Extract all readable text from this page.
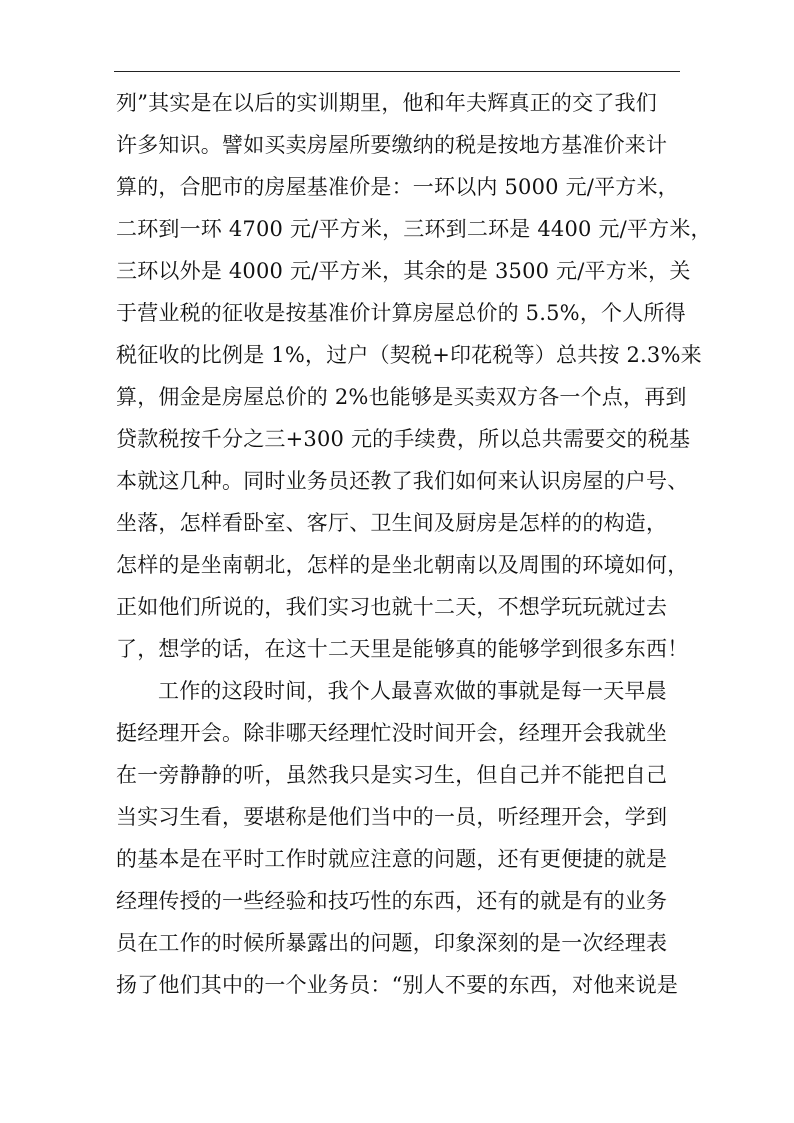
列”其实是在以后的实训期里，他和年夫辉真正的交了我们
许多知识。譬如买卖房屋所要缴纳的税是按地方基准价来计
算的，合肥市的房屋基准价是：一环以内 5000 元/平方米，
二环到一环 4700 元/平方米，三环到二环是 4400 元/平方米，
三环以外是 4000 元/平方米，其余的是 3500 元/平方米，关
于营业税的征收是按基准价计算房屋总价的 5.5%，个人所得
税征收的比例是 1%，过户（契税+印花税等）总共按 2.3%来
算，佣金是房屋总价的 2%也能够是买卖双方各一个点，再到
贷款税按千分之三+300 元的手续费，所以总共需要交的税基
本就这几种。同时业务员还教了我们如何来认识房屋的户号、
坐落，怎样看卧室、客厅、卫生间及厨房是怎样的的构造，
怎样的是坐南朝北，怎样的是坐北朝南以及周围的环境如何，
正如他们所说的，我们实习也就十二天，不想学玩玩就过去
了，想学的话，在这十二天里是能够真的能够学到很多东西！
工作的这段时间，我个人最喜欢做的事就是每一天早晨
挺经理开会。除非哪天经理忙没时间开会，经理开会我就坐
在一旁静静的听，虽然我只是实习生，但自己并不能把自己
当实习生看，要堪称是他们当中的一员，听经理开会，学到
的基本是在平时工作时就应注意的问题，还有更便捷的就是
经理传授的一些经验和技巧性的东西，还有的就是有的业务
员在工作的时候所暴露出的问题，印象深刻的是一次经理表
扬了他们其中的一个业务员：“别人不要的东西，对他来说是
